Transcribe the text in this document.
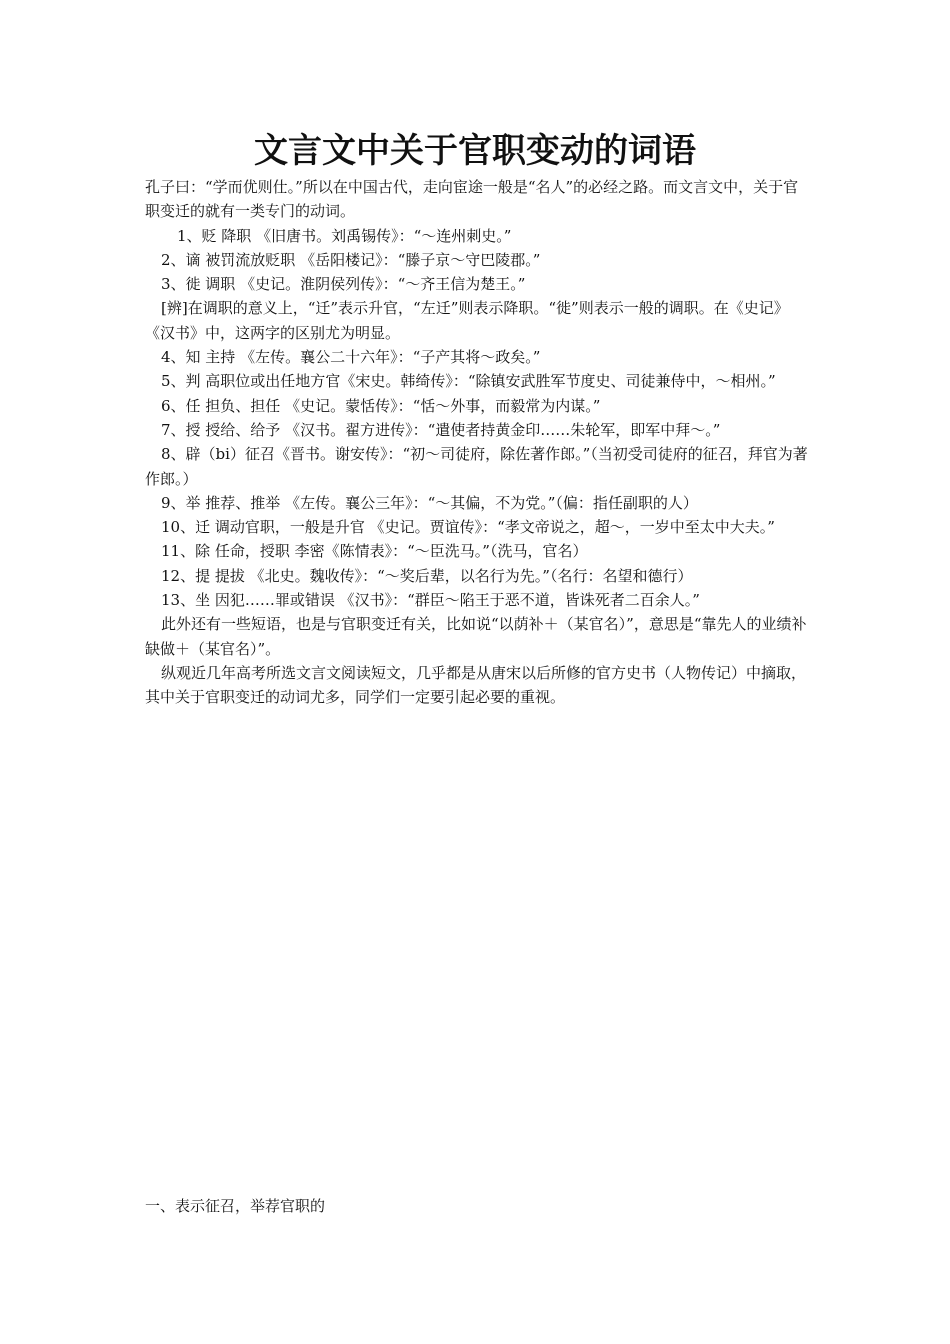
文言文中关于官职变动的词语

孔子曰：“学而优则仕。”所以在中国古代，走向宦途一般是“名人”的必经之路。而文言文中，关于官职变迁的就有一类专门的动词。

1、贬 降职 《旧唐书。刘禹锡传》：“～连州刺史。”

2、谪 被罚流放贬职 《岳阳楼记》：“滕子京～守巴陵郡。”

3、徙 调职 《史记。淮阴侯列传》：“～齐王信为楚王。”

[辨]在调职的意义上，“迁”表示升官，“左迁”则表示降职。“徙”则表示一般的调职。在《史记》《汉书》中，这两字的区别尤为明显。

4、知 主持 《左传。襄公二十六年》：“子产其将～政矣。”

5、判 高职位或出任地方官《宋史。韩绮传》：“除镇安武胜军节度史、司徒兼侍中，～相州。”

6、任 担负、担任 《史记。蒙恬传》：“恬～外事，而毅常为内谋。”

7、授 授给、给予 《汉书。翟方进传》：“遣使者持黄金印……朱轮军，即军中拜～。”

8、辟（bi）征召《晋书。谢安传》：“初～司徒府，除佐著作郎。”（当初受司徒府的征召，拜官为著作郎。）

9、举 推荐、推举 《左传。襄公三年》：“～其偏，不为党。”（偏：指任副职的人）

10、迁 调动官职，一般是升官 《史记。贾谊传》：“孝文帝说之，超～，一岁中至太中大夫。”

11、除 任命，授职 李密《陈情表》：“～臣洗马。”（洗马，官名）

12、提 提拔 《北史。魏收传》：“～奖后辈，以名行为先。”（名行：名望和德行）

13、坐 因犯……罪或错误 《汉书》：“群臣～陷王于恶不道，皆诛死者二百余人。”

此外还有一些短语，也是与官职变迁有关，比如说“以荫补＋（某官名）”，意思是“靠先人的业绩补缺做＋（某官名）”。

纵观近几年高考所选文言文阅读短文，几乎都是从唐宋以后所修的官方史书（人物传记）中摘取，其中关于官职变迁的动词尤多，同学们一定要引起必要的重视。

一、表示征召，举荐官职的
